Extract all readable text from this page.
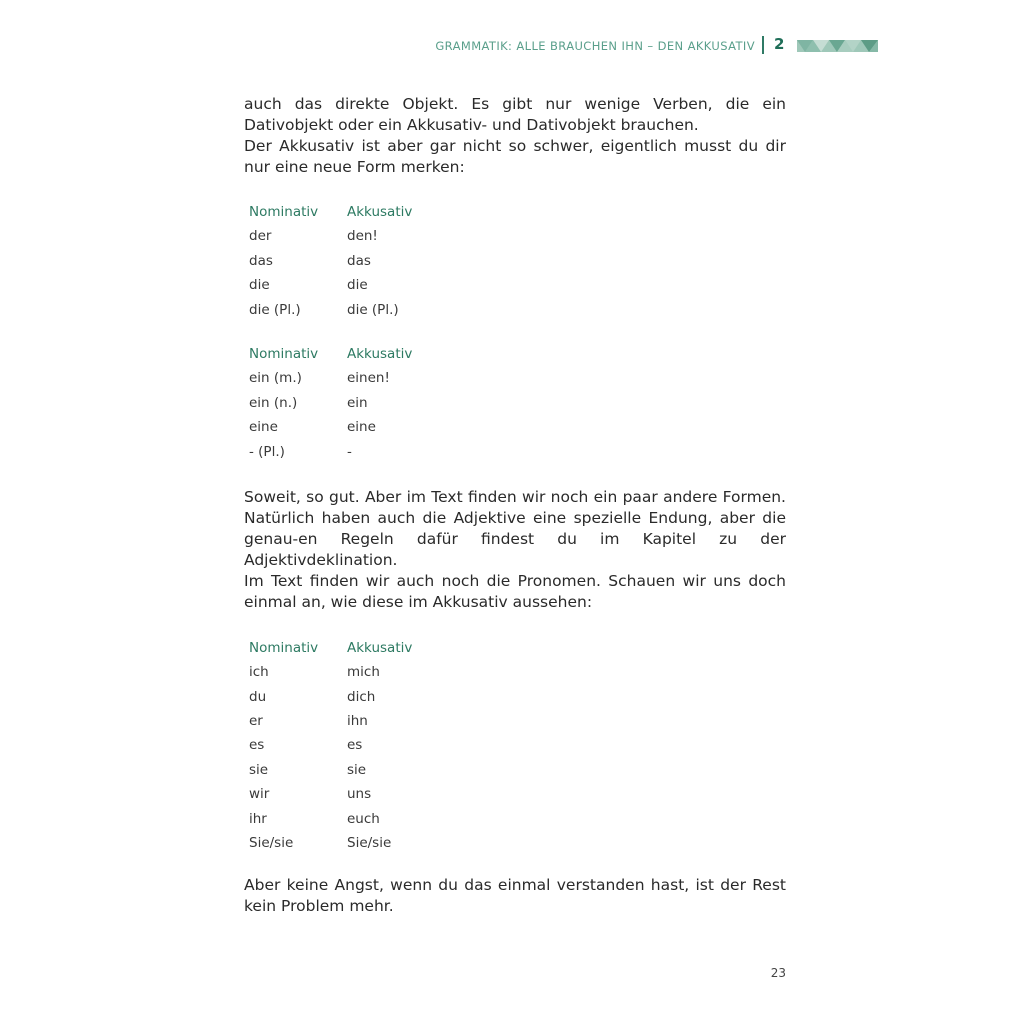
GRAMMATIK: ALLE BRAUCHEN IHN – DEN AKKUSATIV 2

auch das direkte Objekt. Es gibt nur wenige Verben, die ein Dativobjekt oder ein Akkusativ- und Dativobjekt brauchen.
Der Akkusativ ist aber gar nicht so schwer, eigentlich musst du dir nur eine neue Form merken:

Nominativ	Akkusativ
der	den!
das	das
die	die
die (Pl.)	die (Pl.)
Nominativ	Akkusativ
ein (m.)	einen!
ein (n.)	ein
eine	eine
- (Pl.)	-

Soweit, so gut. Aber im Text finden wir noch ein paar andere Formen. Natürlich haben auch die Adjektive eine spezielle Endung, aber die genau-en Regeln dafür findest du im Kapitel zu der Adjektivdeklination.
Im Text finden wir auch noch die Pronomen. Schauen wir uns doch einmal an, wie diese im Akkusativ aussehen:

Nominativ	Akkusativ
ich	mich
du	dich
er	ihn
es	es
sie	sie
wir	uns
ihr	euch
Sie/sie	Sie/sie

Aber keine Angst, wenn du das einmal verstanden hast, ist der Rest kein Problem mehr.

23
